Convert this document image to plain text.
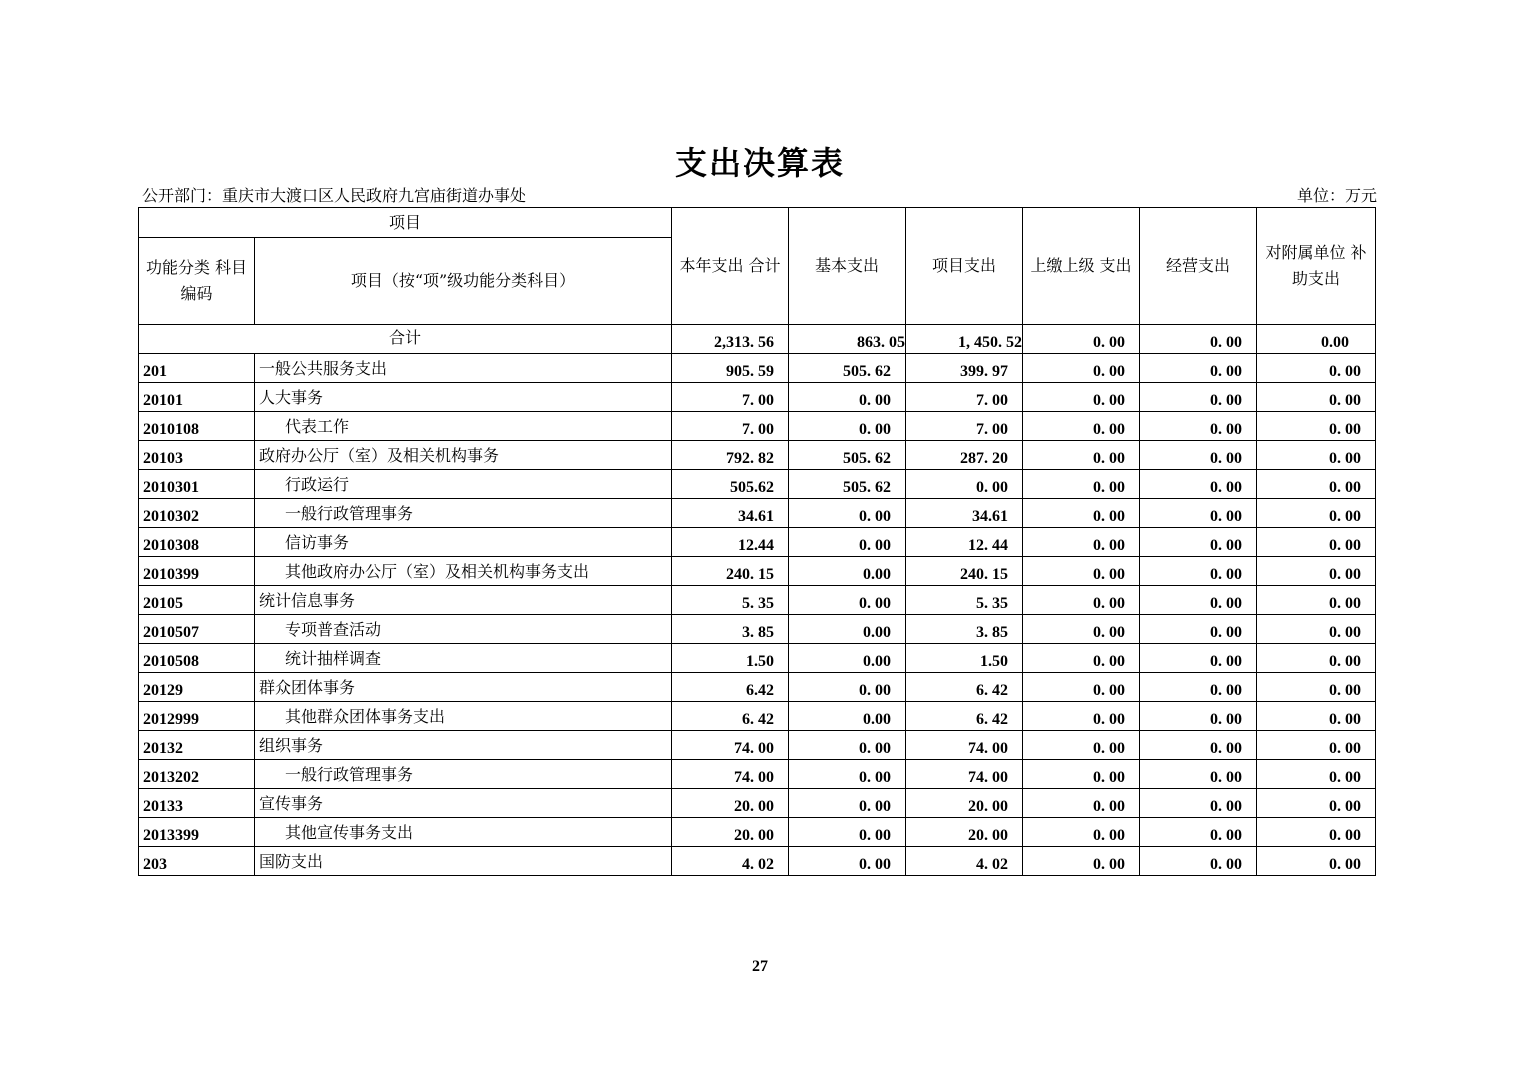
支出决算表
公开部门：重庆市大渡口区人民政府九宫庙街道办事处	单位：万元
项目		本年支出 合计	基本支出	项目支出	上缴上级 支出	经营支出	对附属单位 补助支出
功能分类 科目编码	项目（按“项”级功能分类科目）						
合计		2,313. 56	863. 05	1, 450. 52	0. 00	0. 00	0.00
201	一般公共服务支出	905. 59	505. 62	399. 97	0. 00	0. 00	0. 00
20101	人大事务	7. 00	0. 00	7. 00	0. 00	0. 00	0. 00
2010108	代表工作	7. 00	0. 00	7. 00	0. 00	0. 00	0. 00
20103	政府办公厅（室）及相关机构事务	792. 82	505. 62	287. 20	0. 00	0. 00	0. 00
2010301	行政运行	505.62	505. 62	0. 00	0. 00	0. 00	0. 00
2010302	一般行政管理事务	34.61	0. 00	34.61	0. 00	0. 00	0. 00
2010308	信访事务	12.44	0. 00	12. 44	0. 00	0. 00	0. 00
2010399	其他政府办公厅（室）及相关机构事务支出	240. 15	0.00	240. 15	0. 00	0. 00	0. 00
20105	统计信息事务	5. 35	0. 00	5. 35	0. 00	0. 00	0. 00
2010507	专项普查活动	3. 85	0.00	3. 85	0. 00	0. 00	0. 00
2010508	统计抽样调查	1.50	0.00	1.50	0. 00	0. 00	0. 00
20129	群众团体事务	6.42	0. 00	6. 42	0. 00	0. 00	0. 00
2012999	其他群众团体事务支出	6. 42	0.00	6. 42	0. 00	0. 00	0. 00
20132	组织事务	74. 00	0. 00	74. 00	0. 00	0. 00	0. 00
2013202	一般行政管理事务	74. 00	0. 00	74. 00	0. 00	0. 00	0. 00
20133	宣传事务	20. 00	0. 00	20. 00	0. 00	0. 00	0. 00
2013399	其他宣传事务支出	20. 00	0. 00	20. 00	0. 00	0. 00	0. 00
203	国防支出	4. 02	0. 00	4. 02	0. 00	0. 00	0. 00
27
